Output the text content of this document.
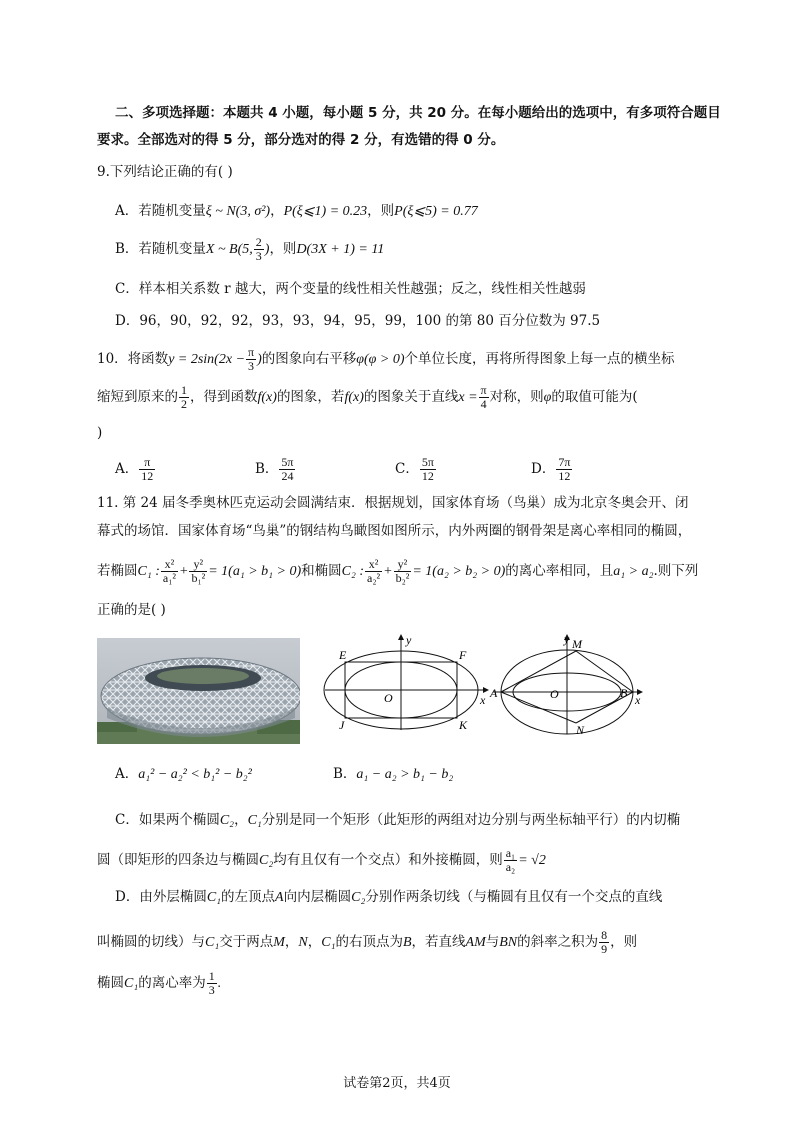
二、多项选择题：本题共 4 小题，每小题 5 分，共 20 分。在每小题给出的选项中，有多项符合题目
要求。全部选对的得 5 分，部分选对的得 2 分，有选错的得 0 分。
9.下列结论正确的有( )
A．若随机变量ξ ~ N(3, σ²)，P(ξ⩽1) = 0.23，则P(ξ⩽5) = 0.77
B．若随机变量X ~ B(5, $\frac{2}{3}$ )，则D(3X + 1) = 11
C．样本相关系数 r 越大，两个变量的线性相关性越强；反之，线性相关性越弱
D．96，90，92，92，93，93，94，95，99，100 的第 80 百分位数为 97.5
10．将函数$y = 2\sin(2x - \frac{\pi}{3}$ )的图象向右平移φ(φ > 0)个单位长度，再将所得图象上每一点的横坐标
缩短到原来的 $\frac{1}{2}$ ，得到函数f(x)的图象，若f(x)的图象关于直线$x = \frac{\pi}{4}$ 对称，则φ的取值可能为(
)
A． $\frac{\pi}{12}$	B． $\frac{5\pi}{24}$	C． $\frac{5\pi}{12}$	D． $\frac{7\pi}{12}$
11. 第 24 届冬季奥林匹克运动会圆满结束．根据规划，国家体育场（鸟巢）成为北京冬奥会开、闭
幕式的场馆．国家体育场“鸟巢”的钢结构鸟瞰图如图所示，内外两圈的钢骨架是离心率相同的椭圆，
若椭圆C₁ : $\frac{\text{x²}}{\text{a₁²}} + \frac{\text{y²}}{\text{b₁²}} = 1(a_1 > b_1 > 0)$和椭圆C₂ : $\frac{\text{x²}}{\text{a₂²}} + \frac{\text{y²}}{\text{b₂²}} = 1(a_2 > b_2 > 0)$的离心率相同，且a₁ > a₂.则下列
正确的是( )
E	F
J	K
O	x
y
A	B
M
N
O	x
y
A．a₁² − a₂² < b₁² − b₂²	B．a₁ − a₂ > b₁ − b₂
C．如果两个椭圆C₂，C₁分别是同一个矩形（此矩形的两组对边分别与两坐标轴平行）的内切椭
圆（即矩形的四条边与椭圆C₂均有且仅有一个交点）和外接椭圆，则 $\frac{\text{a₁}}{\text{a₂}} = √2$
D．由外层椭圆C₁的左顶点A向内层椭圆C₂分别作两条切线（与椭圆有且仅有一个交点的直线
叫椭圆的切线）与C₁交于两点M，N，C₁的右顶点为B，若直线AM与BN的斜率之积为 $\frac{8}{9}$ ，则
椭圆C₁的离心率为 $\frac{1}{3}$ .
试卷第2页，共4页
